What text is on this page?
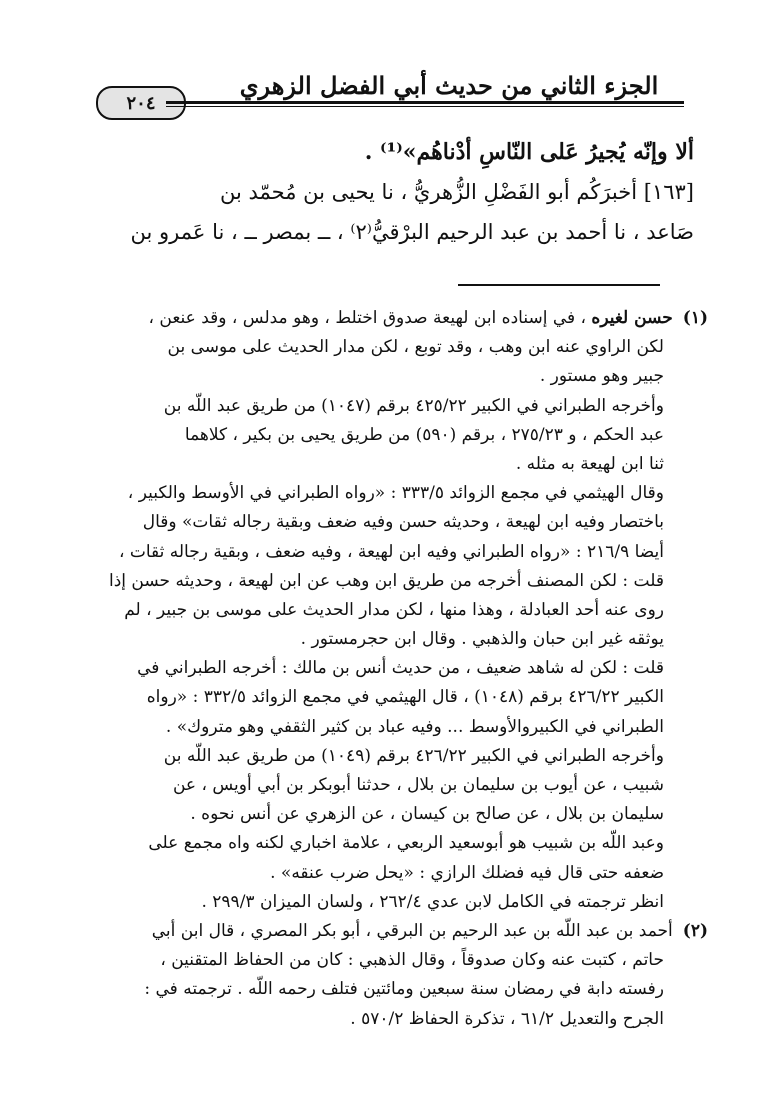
٢٠٤
الجزء الثاني من حديث أبي الفضل الزهري
ألا وإنّه يُجيرُ عَلى النّاسِ أدْناهُم»⁽¹⁾ .
[١٦٣] أخبرَكُم أبو الفَضْلِ الزُّهريُّ ، نا يحيى بن مُحمّد بن
صَاعد ، نا أحمد بن عبد الرحيم البرْقيُّ⁽٢⁾ ، ــ بمصر ــ ، نا عَمرو بن
(١)حسن لغيره ، في إسناده ابن لهيعة صدوق اختلط ، وهو مدلس ، وقد عنعن ،
لكن الراوي عنه ابن وهب ، وقد توبع ، لكن مدار الحديث على موسى بن
جبير وهو مستور .
وأخرجه الطبراني في الكبير ٤٢٥/٢٢ برقم (١٠٤٧) من طريق عبد اللّه بن
عبد الحكم ، و ٢٧٥/٢٣ ، برقم (٥٩٠) من طريق يحيى بن بكير ، كلاهما
ثنا ابن لهيعة به مثله .
وقال الهيثمي في مجمع الزوائد ٣٣٣/٥ : «رواه الطبراني في الأوسط والكبير ،
باختصار وفيه ابن لهيعة ، وحديثه حسن وفيه ضعف وبقية رجاله ثقات» وقال
أيضا ٢١٦/٩ : «رواه الطبراني وفيه ابن لهيعة ، وفيه ضعف ، وبقية رجاله ثقات ،
قلت : لكن المصنف أخرجه من طريق ابن وهب عن ابن لهيعة ، وحديثه حسن إذا
روى عنه أحد العبادلة ، وهذا منها ، لكن مدار الحديث على موسى بن جبير ، لم
يوثقه غير ابن حبان والذهبي . وقال ابن حجرمستور .
قلت : لكن له شاهد ضعيف ، من حديث أنس بن مالك : أخرجه الطبراني في
الكبير ٤٢٦/٢٢ برقم (١٠٤٨) ، قال الهيثمي في مجمع الزوائد ٣٣٢/٥ : «رواه
الطبراني في الكبيروالأوسط ... وفيه عباد بن كثير الثقفي وهو متروك» .
وأخرجه الطبراني في الكبير ٤٢٦/٢٢ برقم (١٠٤٩) من طريق عبد اللّه بن
شبيب ، عن أيوب بن سليمان بن بلال ، حدثنا أبوبكر بن أبي أويس ، عن
سليمان بن بلال ، عن صالح بن كيسان ، عن الزهري عن أنس نحوه .
وعبد اللّه بن شبيب هو أبوسعيد الربعي ، علامة اخباري لكنه واه مجمع على
ضعفه حتى قال فيه فضلك الرازي : «يحل ضرب عنقه» .
انظر ترجمته في الكامل لابن عدي ٢٦٢/٤ ، ولسان الميزان ٢٩٩/٣ .
(٢)أحمد بن عبد اللّه بن عبد الرحيم بن البرقي ، أبو بكر المصري ، قال ابن أبي
حاتم ، كتبت عنه وكان صدوقاً ، وقال الذهبي : كان من الحفاظ المتقنين ،
رفسته دابة في رمضان سنة سبعين ومائتين فتلف رحمه اللّه . ترجمته في :
الجرح والتعديل ٦١/٢ ، تذكرة الحفاظ ٥٧٠/٢ .
